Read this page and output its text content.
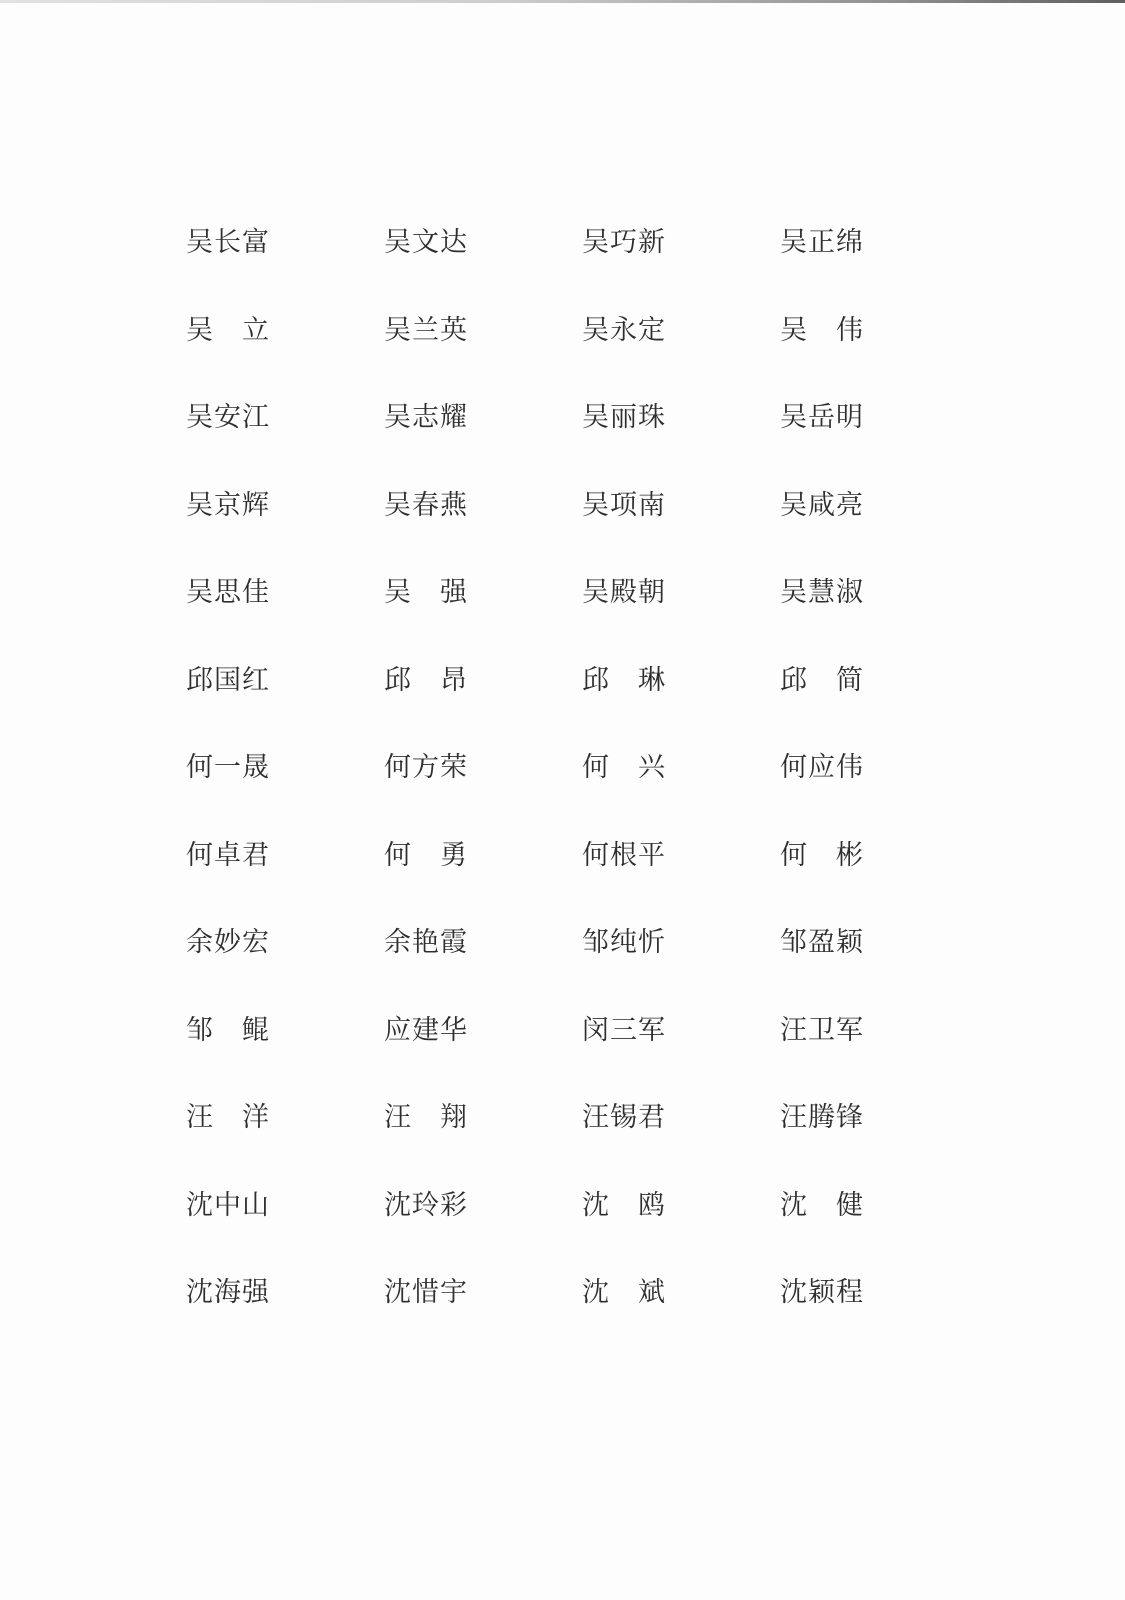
吴长富	吴文达	吴巧新	吴正绵
吴　立	吴兰英	吴永定	吴　伟
吴安江	吴志耀	吴丽珠	吴岳明
吴京辉	吴春燕	吴项南	吴咸亮
吴思佳	吴　强	吴殿朝	吴慧淑
邱国红	邱　昂	邱　琳	邱　简
何一晟	何方荣	何　兴	何应伟
何卓君	何　勇	何根平	何　彬
余妙宏	余艳霞	邹纯忻	邹盈颖
邹　鲲	应建华	闵三军	汪卫军
汪　洋	汪　翔	汪锡君	汪腾锋
沈中山	沈玲彩	沈　鸥	沈　健
沈海强	沈惜宇	沈　斌	沈颖程
